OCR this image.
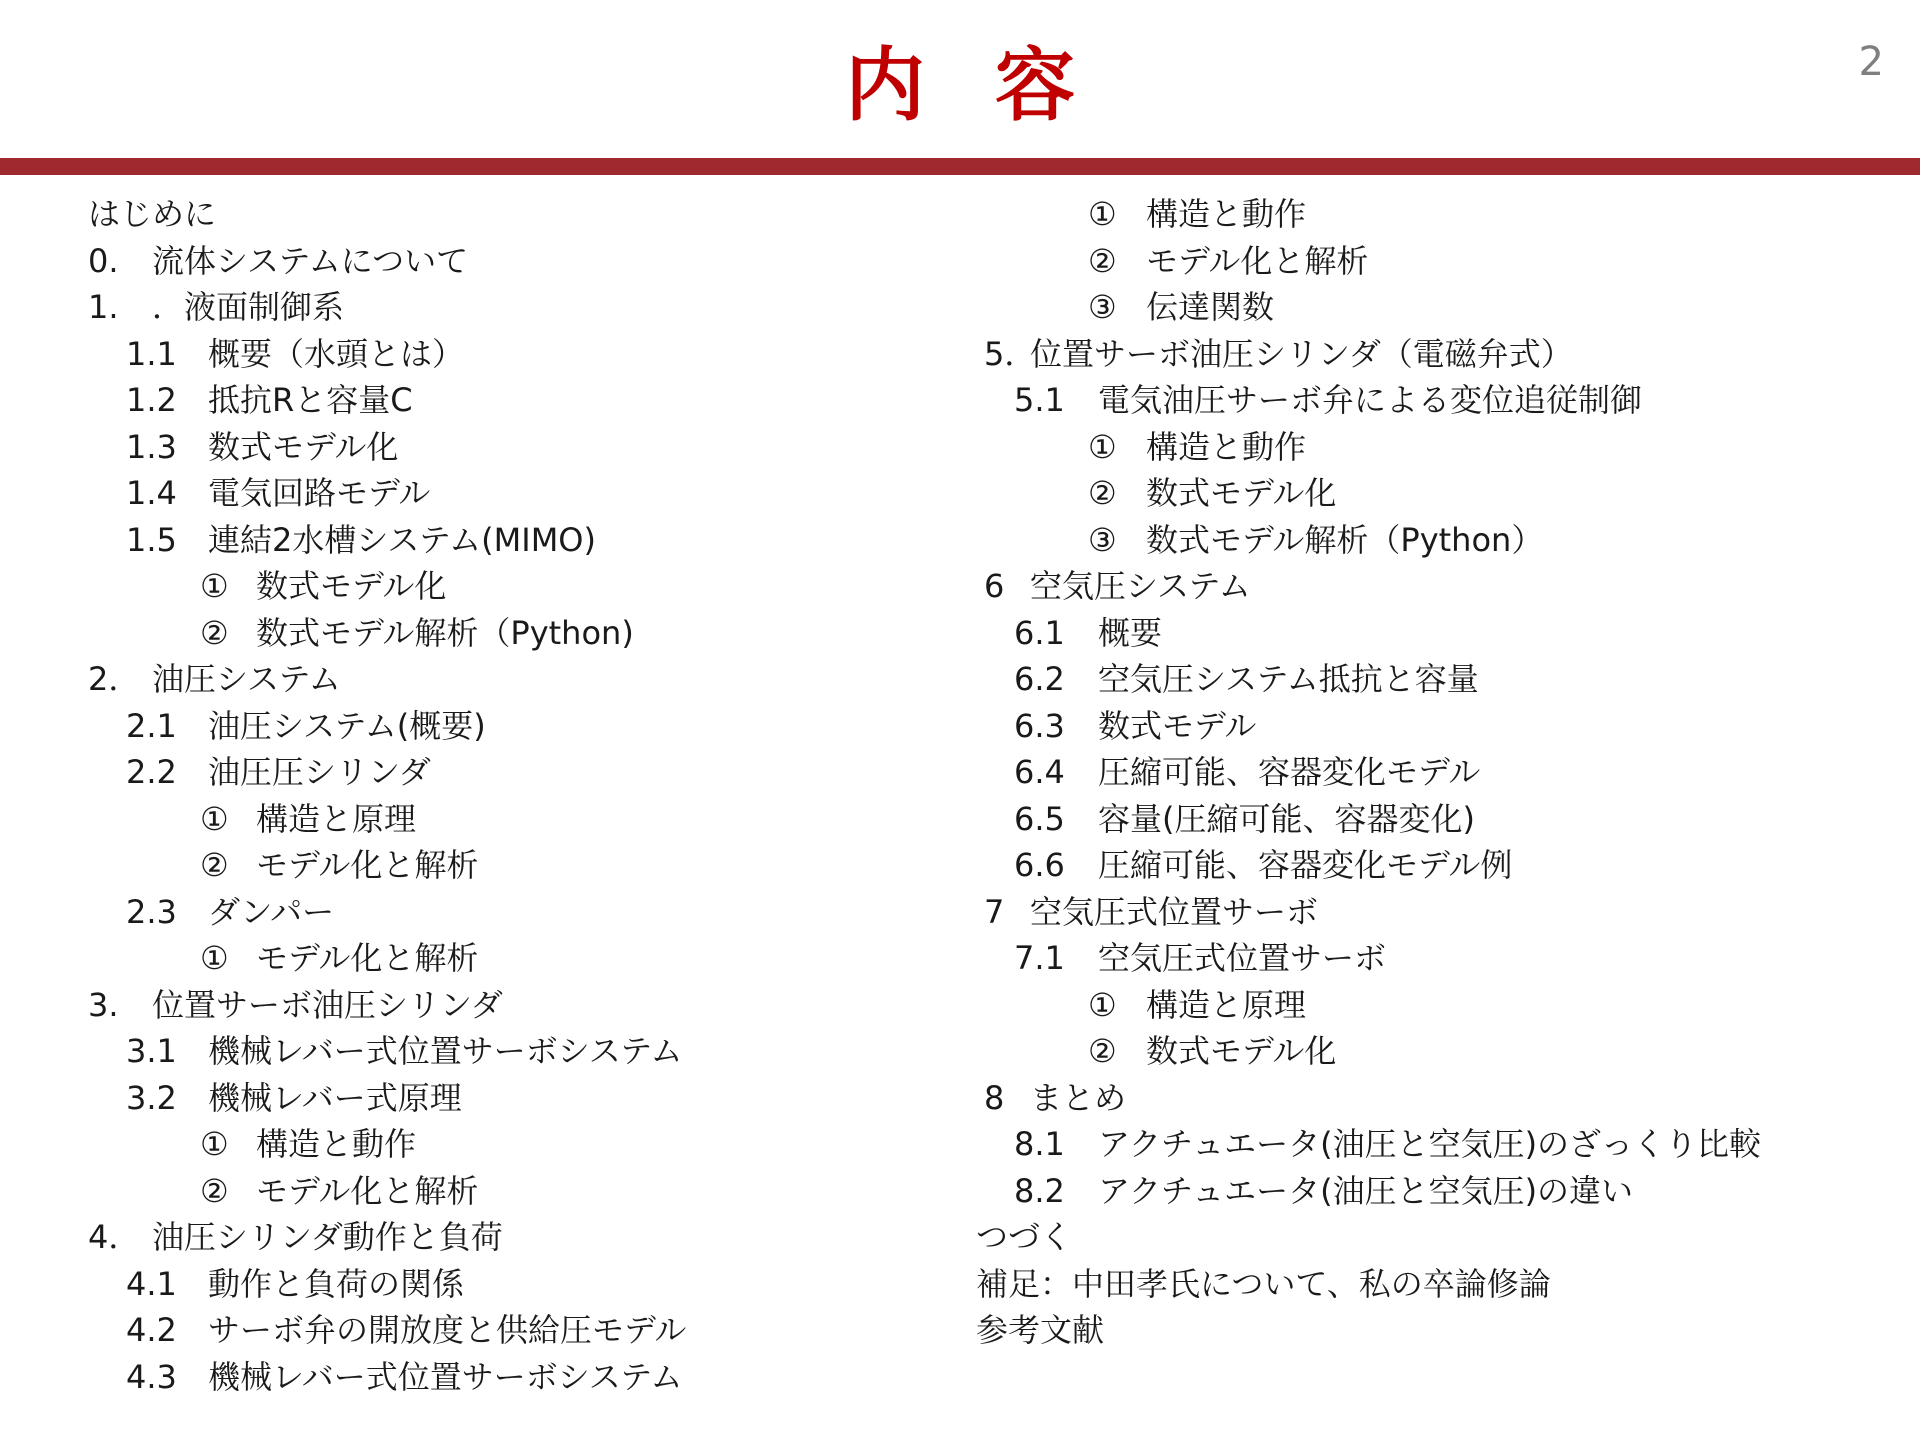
内容	2
はじめに
0. 流体システムについて
1. ．液面制御系
1.1 概要（水頭とは）
1.2 抵抗Rと容量C
1.3 数式モデル化
1.4 電気回路モデル
1.5 連結2水槽システム(MIMO)
① 数式モデル化
② 数式モデル解析（Python)
2． 油圧システム
2.1 油圧システム(概要)
2.2 油圧圧シリンダ
① 構造と原理
② モデル化と解析
2.3 ダンパー
① モデル化と解析
3. 位置サーボ油圧シリンダ
3.1 機械レバー式位置サーボシステム
3.2 機械レバー式原理
① 構造と動作
② モデル化と解析
4． 油圧シリンダ動作と負荷
4.1 動作と負荷の関係
4.2 サーボ弁の開放度と供給圧モデル
4.3 機械レバー式位置サーボシステム
① 構造と動作
② モデル化と解析
③ 伝達関数
5．
位置サーボ油圧シリンダ（電磁弁式）
5.1 電気油圧サーボ弁による変位追従制御
① 構造と動作
② 数式モデル化
③ 数式モデル解析（Python）
6 空気圧システム
6.1 概要
6.2 空気圧システム抵抗と容量
6.3 数式モデル
6.4 圧縮可能、容器変化モデル
6.5 容量(圧縮可能、容器変化)
6.6 圧縮可能、容器変化モデル例
7 空気圧式位置サーボ
7.1 空気圧式位置サーボ
① 構造と原理
② 数式モデル化
8 まとめ
8.1 アクチュエータ(油圧と空気圧)のざっくり比較
8.2 アクチュエータ(油圧と空気圧)の違い
つづく
補足：中田孝氏について、私の卒論修論
参考文献
